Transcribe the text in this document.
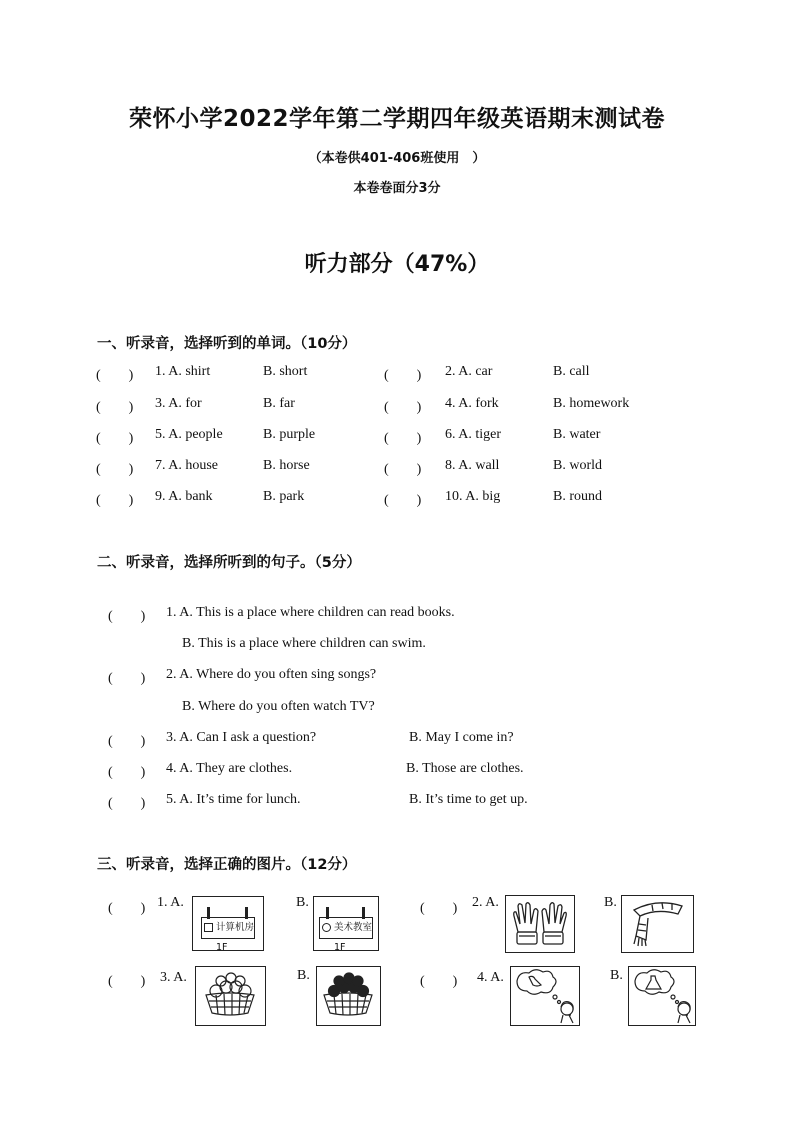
荣怀小学2022学年第二学期四年级英语期末测试卷
（本卷供401-406班使用　）
本卷卷面分3分
听力部分（47%）
一、听录音，选择听到的单词。（10分）
(　　) 1. A. shirt	B. short	(　　) 2. A. car	B. call
(　　) 3. A. for	B. far	(　　) 4. A. fork	B. homework
(　　) 5. A. people	B. purple	(　　) 6. A. tiger	B. water
(　　) 7. A. house	B. horse	(　　) 8. A. wall	B. world
(　　) 9. A. bank	B. park	(　　) 10. A. big	B. round
二、听录音，选择所听到的句子。（5分）
(　　) 1. A. This is a place where children can read books.
B. This is a place where children can swim.
(　　) 2. A. Where do you often sing songs?
B. Where do you often watch TV?
(　　) 3. A. Can I ask a question?	B. May I come in?
(　　) 4. A. They are clothes.	B. Those are clothes.
(　　) 5. A. It’s time for lunch.	B. It’s time to get up.
三、听录音，选择正确的图片。（12分）
(　　) 1. A.
计算机房1F
B.
美术教室1F
(　　) 2. A.	B.
(　　) 3. A.	B.	(　　) 4. A.	B.
